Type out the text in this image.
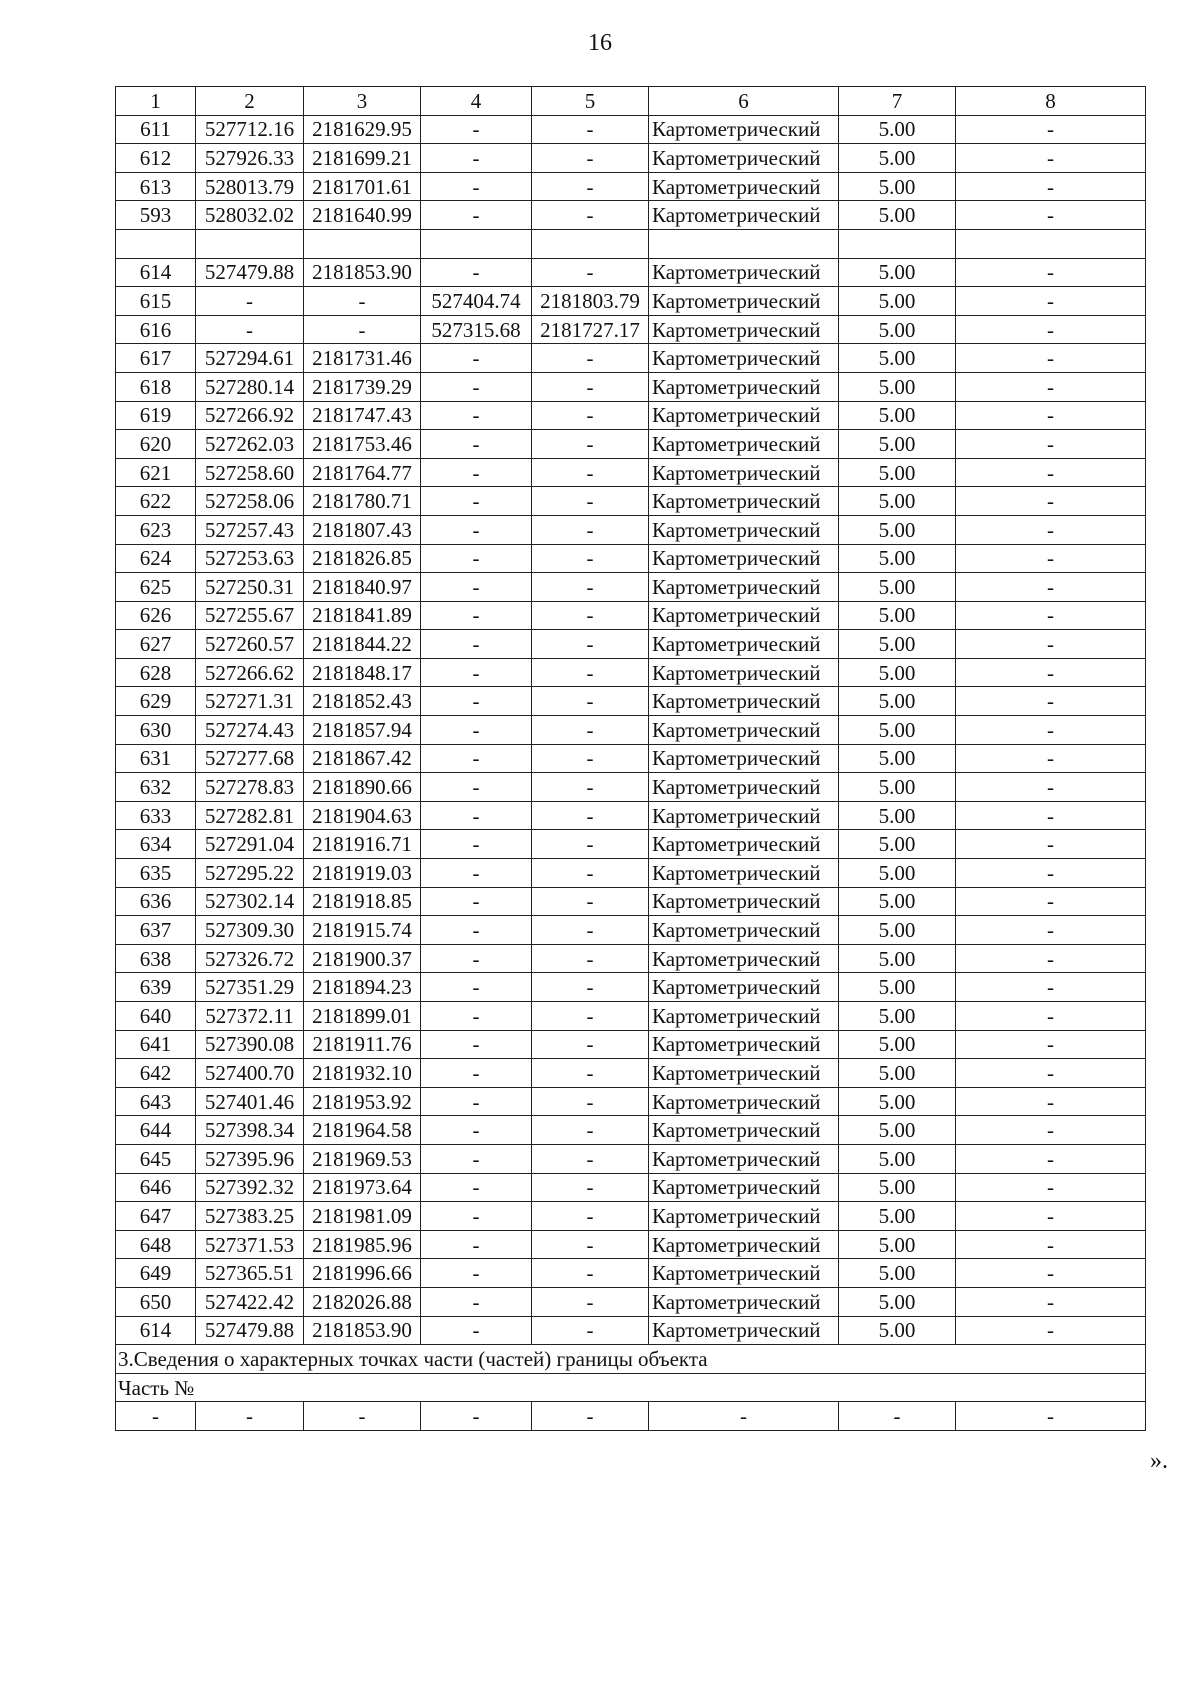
16
1	2	3	4	5	6	7	8
611	527712.16	2181629.95	-	-	Картометрический	5.00	-
612	527926.33	2181699.21	-	-	Картометрический	5.00	-
613	528013.79	2181701.61	-	-	Картометрический	5.00	-
593	528032.02	2181640.99	-	-	Картометрический	5.00	-

614	527479.88	2181853.90	-	-	Картометрический	5.00	-
615	-	-	527404.74	2181803.79	Картометрический	5.00	-
616	-	-	527315.68	2181727.17	Картометрический	5.00	-
617	527294.61	2181731.46	-	-	Картометрический	5.00	-
618	527280.14	2181739.29	-	-	Картометрический	5.00	-
619	527266.92	2181747.43	-	-	Картометрический	5.00	-
620	527262.03	2181753.46	-	-	Картометрический	5.00	-
621	527258.60	2181764.77	-	-	Картометрический	5.00	-
622	527258.06	2181780.71	-	-	Картометрический	5.00	-
623	527257.43	2181807.43	-	-	Картометрический	5.00	-
624	527253.63	2181826.85	-	-	Картометрический	5.00	-
625	527250.31	2181840.97	-	-	Картометрический	5.00	-
626	527255.67	2181841.89	-	-	Картометрический	5.00	-
627	527260.57	2181844.22	-	-	Картометрический	5.00	-
628	527266.62	2181848.17	-	-	Картометрический	5.00	-
629	527271.31	2181852.43	-	-	Картометрический	5.00	-
630	527274.43	2181857.94	-	-	Картометрический	5.00	-
631	527277.68	2181867.42	-	-	Картометрический	5.00	-
632	527278.83	2181890.66	-	-	Картометрический	5.00	-
633	527282.81	2181904.63	-	-	Картометрический	5.00	-
634	527291.04	2181916.71	-	-	Картометрический	5.00	-
635	527295.22	2181919.03	-	-	Картометрический	5.00	-
636	527302.14	2181918.85	-	-	Картометрический	5.00	-
637	527309.30	2181915.74	-	-	Картометрический	5.00	-
638	527326.72	2181900.37	-	-	Картометрический	5.00	-
639	527351.29	2181894.23	-	-	Картометрический	5.00	-
640	527372.11	2181899.01	-	-	Картометрический	5.00	-
641	527390.08	2181911.76	-	-	Картометрический	5.00	-
642	527400.70	2181932.10	-	-	Картометрический	5.00	-
643	527401.46	2181953.92	-	-	Картометрический	5.00	-
644	527398.34	2181964.58	-	-	Картометрический	5.00	-
645	527395.96	2181969.53	-	-	Картометрический	5.00	-
646	527392.32	2181973.64	-	-	Картометрический	5.00	-
647	527383.25	2181981.09	-	-	Картометрический	5.00	-
648	527371.53	2181985.96	-	-	Картометрический	5.00	-
649	527365.51	2181996.66	-	-	Картометрический	5.00	-
650	527422.42	2182026.88	-	-	Картометрический	5.00	-
614	527479.88	2181853.90	-	-	Картометрический	5.00	-
3.Сведения о характерных точках части (частей) границы объекта							
Часть №							
-	-	-	-	-	-	-	-
».
